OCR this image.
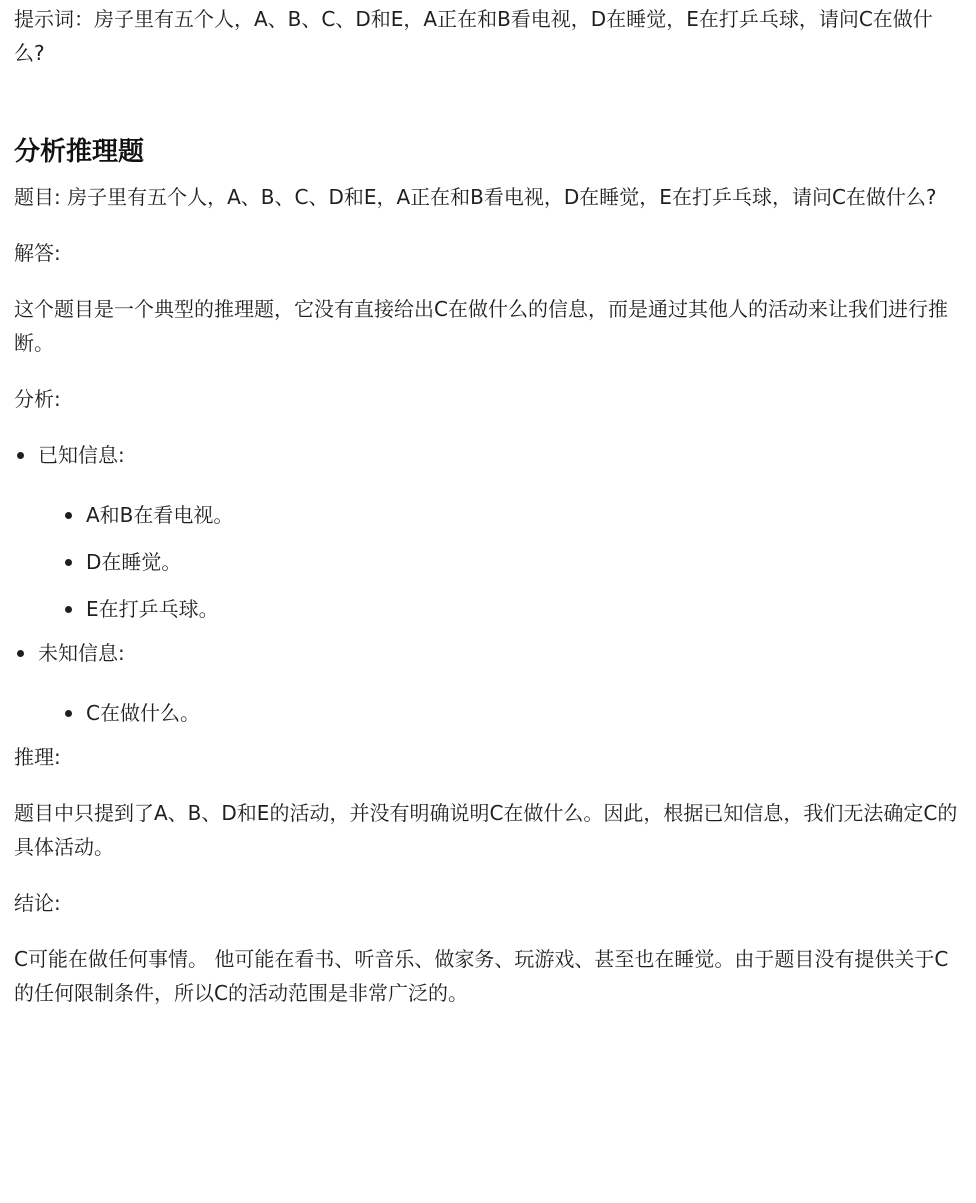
提示词：房子里有五个人，A、B、C、D和E，A正在和B看电视，D在睡觉，E在打乒乓球，请问C在做什么?

分析推理题

题目: 房子里有五个人，A、B、C、D和E，A正在和B看电视，D在睡觉，E在打乒乓球，请问C在做什么?

解答:

这个题目是一个典型的推理题，它没有直接给出C在做什么的信息，而是通过其他人的活动来让我们进行推断。

分析:

已知信息:
A和B在看电视。
D在睡觉。
E在打乒乓球。
未知信息:
C在做什么。

推理:

题目中只提到了A、B、D和E的活动，并没有明确说明C在做什么。因此，根据已知信息，我们无法确定C的具体活动。

结论:

C可能在做任何事情。 他可能在看书、听音乐、做家务、玩游戏、甚至也在睡觉。由于题目没有提供关于C的任何限制条件，所以C的活动范围是非常广泛的。
